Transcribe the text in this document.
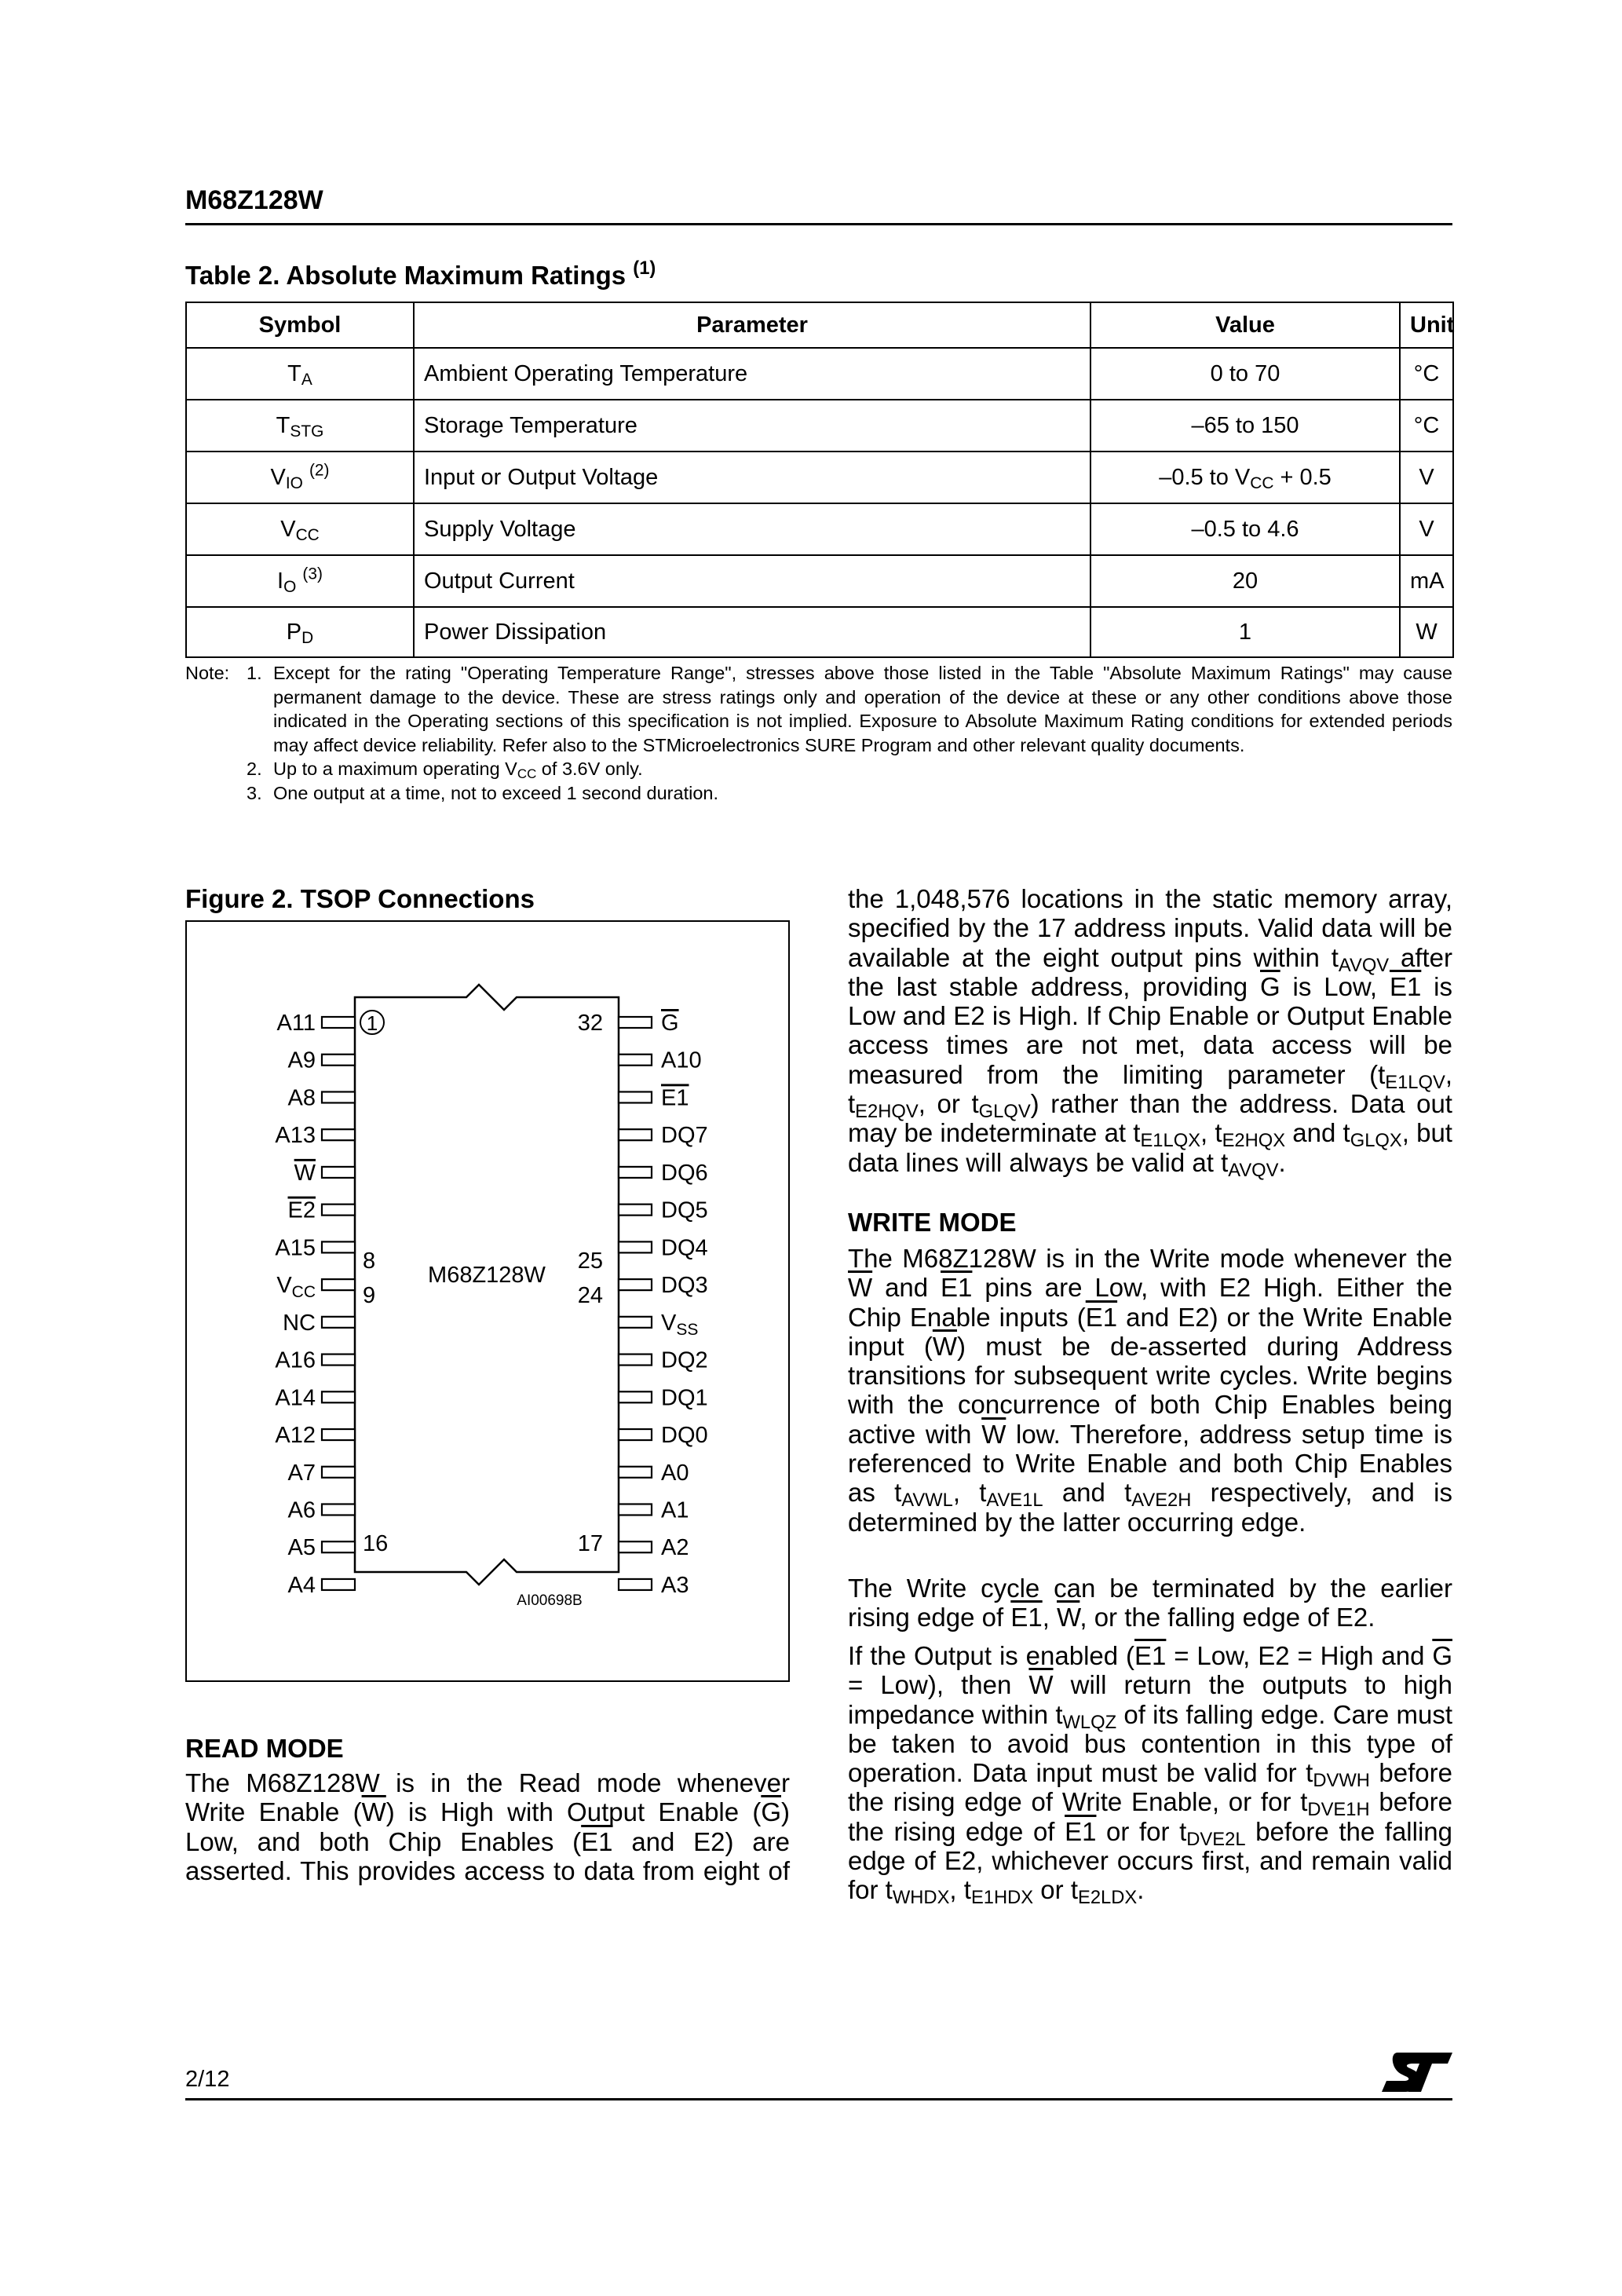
M68Z128W
Table 2. Absolute Maximum Ratings $^{(1)}$
Symbol	Parameter	Value	Unit
$T_A$	Ambient Operating Temperature	0 to 70	°C
$T_{STG}$	Storage Temperature	–65 to 150	°C
$V_{IO}$ $^{(2)}$	Input or Output Voltage	–0.5 to $V_{CC} + 0.5$	V
$V_{CC}$	Supply Voltage	–0.5 to 4.6	V
$I_O$ $^{(3)}$	Output Current	20	mA
$P_D$	Power Dissipation	1	W
Note: 1. Except for the rating "Operating Temperature Range", stresses above those listed in the Table "Absolute Maximum Ratings" may cause permanent damage to the device. These are stress ratings only and operation of the device at these or any other conditions above those indicated in the Operating sections of this specification is not implied. Exposure to Absolute Maximum Rating conditions for extended periods may affect device reliability. Refer also to the STMicroelectronics SURE Program and other relevant quality documents.
2. Up to a maximum operating $V_{CC}$ of 3.6V only.
3. One output at a time, not to exceed 1 second duration.
Figure 2. TSOP Connections
A11
A9
A8
A13
W
E2
A15
$V_{CC}$
NC
A16
A14
A12
A7
A6
A5
A4
G
A10
E1
DQ7
DQ6
DQ5
DQ4
DQ3
$V_{SS}$
DQ2
DQ1
DQ0
A0
A1
A2
A3
1	32
8
9
16
25
24
17
M68Z128W
AI00698B
READ MODE
The M68Z128W is in the Read mode whenever Write Enable $(\overline{W})$ is High with Output Enable $(\overline{G})$ Low, and both Chip Enables (E1 and E2) are asserted. This provides access to data from eight of
the 1,048,576 locations in the static memory array, specified by the 17 address inputs. Valid data will be available at the eight output pins within $t_{AVQV}$ after the last stable address, providing $\overline{G}$ is Low, E1 is Low and E2 is High. If Chip Enable or Output Enable access times are not met, data access will be measured from the limiting parameter ($t_{E1LQV}$, $t_{E2HQV}$, or $t_{GLQV}$) rather than the address. Data out may be indeterminate at $t_{E1LQX}$, $t_{E2HQX}$ and $t_{GLQX}$, but data lines will always be valid at $t_{AVQV}$.
WRITE MODE
The M68Z128W is in the Write mode whenever the $\overline{W}$ and E1 pins are Low, with E2 High. Either the Chip Enable inputs (E1 and E2) or the Write Enable input $(\overline{W})$ must be de-asserted during Address transitions for subsequent write cycles. Write begins with the concurrence of both Chip Enables being active with $\overline{W}$ low. Therefore, address setup time is referenced to Write Enable and both Chip Enables as $t_{AVWL}$, $t_{AVE1L}$ and $t_{AVE2H}$ respectively, and is determined by the latter occurring edge.
The Write cycle can be terminated by the earlier rising edge of E1, $\overline{W}$, or the falling edge of E2.
If the Output is enabled (E1 = Low, E2 = High and $\overline{G} = Low$), then $\overline{W}$ will return the outputs to high impedance within $t_{WLQZ}$ of its falling edge. Care must be taken to avoid bus contention in this type of operation. Data input must be valid for $t_{DVWH}$ before the rising edge of Write Enable, or for $t_{DVE1H}$ before the rising edge of E1 or for $t_{DVE2L}$ before the falling edge of E2, whichever occurs first, and remain valid for $t_{WHDX}$, $t_{E1HDX}$ or $t_{E2LDX}$.
2/12
